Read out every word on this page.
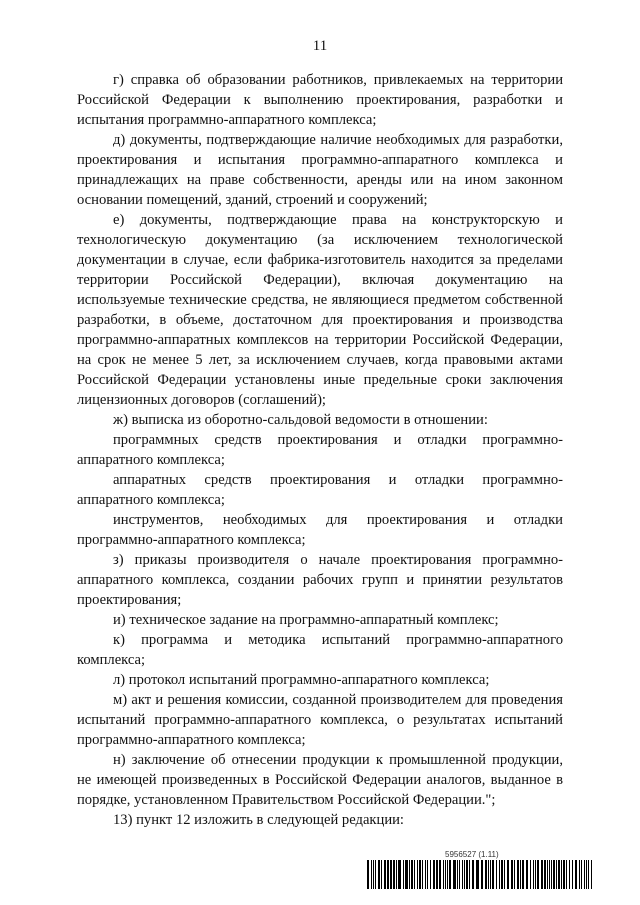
11

г) справка об образовании работников, привлекаемых на территории Российской Федерации к выполнению проектирования, разработки и испытания программно-аппаратного комплекса;

д) документы, подтверждающие наличие необходимых для разработки, проектирования и испытания программно-аппаратного комплекса и принадлежащих на праве собственности, аренды или на ином законном основании помещений, зданий, строений и сооружений;

е) документы, подтверждающие права на конструкторскую и технологическую документацию (за исключением технологической документации в случае, если фабрика-изготовитель находится за пределами территории Российской Федерации), включая документацию на используемые технические средства, не являющиеся предметом собственной разработки, в объеме, достаточном для проектирования и производства программно-аппаратных комплексов на территории Российской Федерации, на срок не менее 5 лет, за исключением случаев, когда правовыми актами Российской Федерации установлены иные предельные сроки заключения лицензионных договоров (соглашений);

ж) выписка из оборотно-сальдовой ведомости в отношении:

программных средств проектирования и отладки программно-аппаратного комплекса;

аппаратных средств проектирования и отладки программно-аппаратного комплекса;

инструментов, необходимых для проектирования и отладки программно-аппаратного комплекса;

з) приказы производителя о начале проектирования программно-аппаратного комплекса, создании рабочих групп и принятии результатов проектирования;

и) техническое задание на программно-аппаратный комплекс;

к) программа и методика испытаний программно-аппаратного комплекса;

л) протокол испытаний программно-аппаратного комплекса;

м) акт и решения комиссии, созданной производителем для проведения испытаний программно-аппаратного комплекса, о результатах испытаний программно-аппаратного комплекса;

н) заключение об отнесении продукции к промышленной продукции, не имеющей произведенных в Российской Федерации аналогов, выданное в порядке, установленном Правительством Российской Федерации.";

13) пункт 12 изложить в следующей редакции:

5956527 (1.11)
